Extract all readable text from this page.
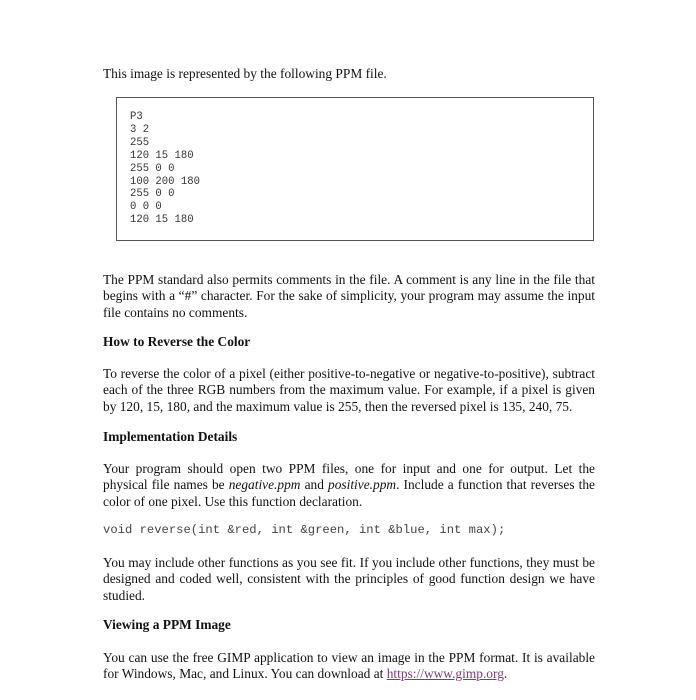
This image is represented by the following PPM file.

P3
3 2
255
120 15 180
255 0 0
100 200 180
255 0 0
0 0 0
120 15 180

The PPM standard also permits comments in the file. A comment is any line in the file that begins with a “#” character. For the sake of simplicity, your program may assume the input file contains no comments.

How to Reverse the Color

To reverse the color of a pixel (either positive-to-negative or negative-to-positive), subtract each of the three RGB numbers from the maximum value. For example, if a pixel is given by 120, 15, 180, and the maximum value is 255, then the reversed pixel is 135, 240, 75.

Implementation Details

Your program should open two PPM files, one for input and one for output. Let the physical file names be negative.ppm and positive.ppm. Include a function that reverses the color of one pixel. Use this function declaration.

void reverse(int &red, int &green, int &blue, int max);

You may include other functions as you see fit. If you include other functions, they must be designed and coded well, consistent with the principles of good function design we have studied.

Viewing a PPM Image

You can use the free GIMP application to view an image in the PPM format. It is available for Windows, Mac, and Linux. You can download at https://www.gimp.org.
